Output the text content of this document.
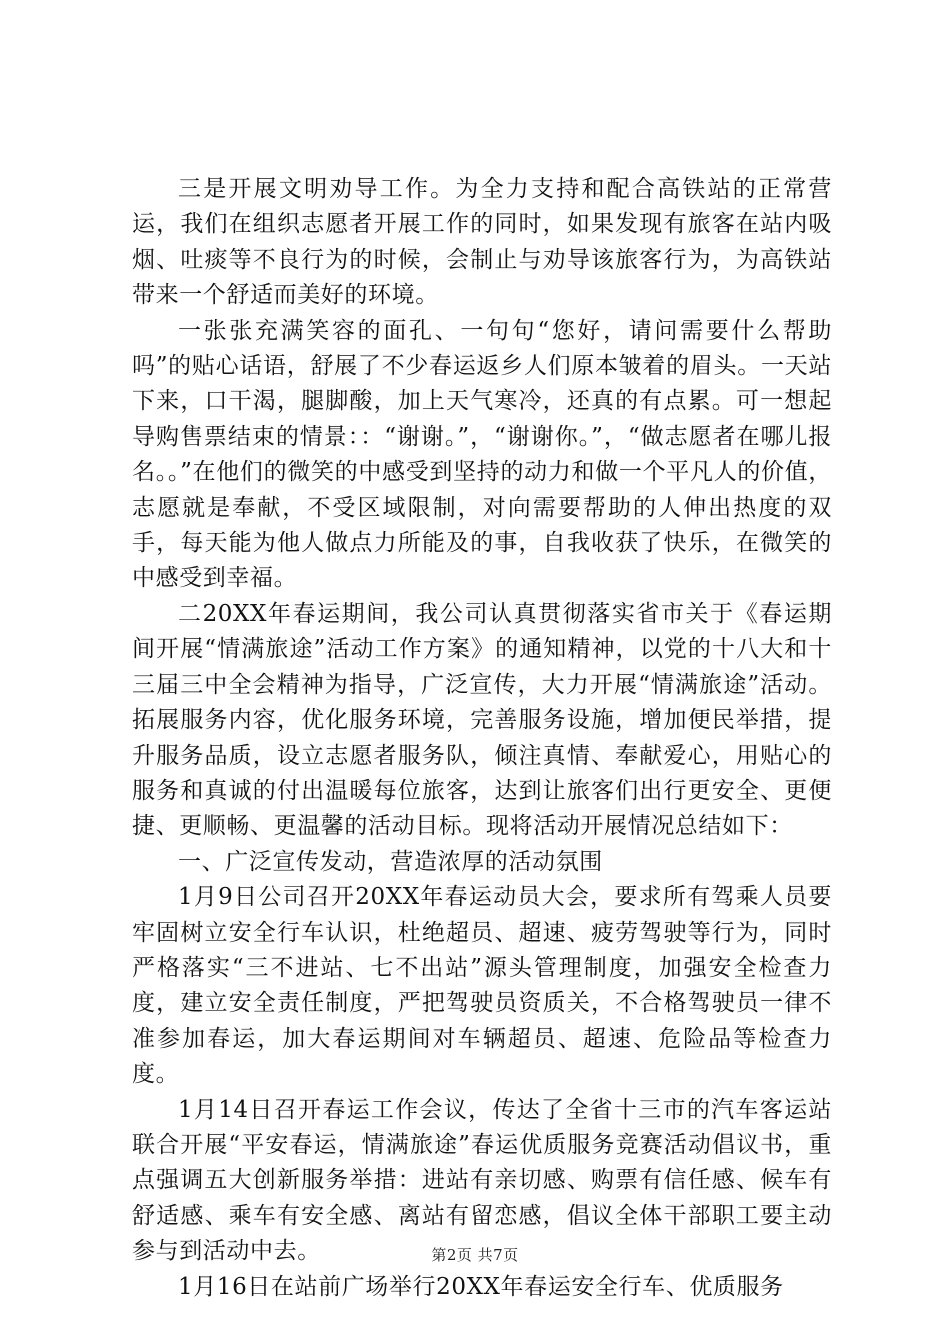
三是开展文明劝导工作。为全力支持和配合高铁站的正常营运，我们在组织志愿者开展工作的同时，如果发现有旅客在站内吸烟、吐痰等不良行为的时候，会制止与劝导该旅客行为，为高铁站带来一个舒适而美好的环境。

一张张充满笑容的面孔、一句句“您好，请问需要什么帮助吗”的贴心话语，舒展了不少春运返乡人们原本皱着的眉头。一天站下来，口干渴，腿脚酸，加上天气寒冷，还真的有点累。可一想起导购售票结束的情景：：“谢谢。”，“谢谢你。”，“做志愿者在哪儿报名。。”在他们的微笑的中感受到坚持的动力和做一个平凡人的价值，志愿就是奉献，不受区域限制，对向需要帮助的人伸出热度的双手，每天能为他人做点力所能及的事，自我收获了快乐，在微笑的中感受到幸福。

二20XX年春运期间，我公司认真贯彻落实省市关于《春运期间开展“情满旅途”活动工作方案》的通知精神，以党的十八大和十三届三中全会精神为指导，广泛宣传，大力开展“情满旅途”活动。拓展服务内容，优化服务环境，完善服务设施，增加便民举措，提升服务品质，设立志愿者服务队，倾注真情、奉献爱心，用贴心的服务和真诚的付出温暖每位旅客，达到让旅客们出行更安全、更便捷、更顺畅、更温馨的活动目标。现将活动开展情况总结如下：

一、广泛宣传发动，营造浓厚的活动氛围

1月9日公司召开20XX年春运动员大会，要求所有驾乘人员要牢固树立安全行车认识，杜绝超员、超速、疲劳驾驶等行为，同时严格落实“三不进站、七不出站”源头管理制度，加强安全检查力度，建立安全责任制度，严把驾驶员资质关，不合格驾驶员一律不准参加春运，加大春运期间对车辆超员、超速、危险品等检查力度。

1月14日召开春运工作会议，传达了全省十三市的汽车客运站联合开展“平安春运，情满旅途”春运优质服务竞赛活动倡议书，重点强调五大创新服务举措：进站有亲切感、购票有信任感、候车有舒适感、乘车有安全感、离站有留恋感，倡议全体干部职工要主动参与到活动中去。

1月16日在站前广场举行20XX年春运安全行车、优质服务

第2页 共7页
